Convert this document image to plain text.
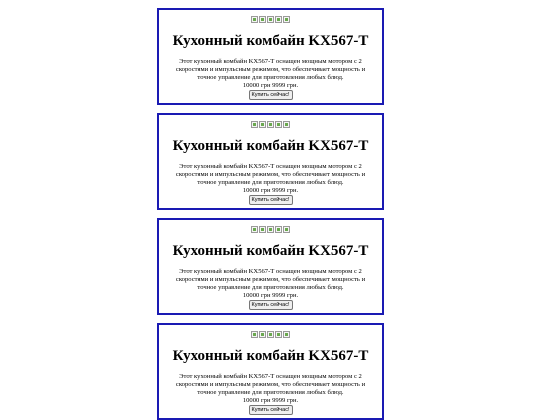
Кухонный комбайн KX567-T
Этот кухонный комбайн KX567-T оснащен мощным мотором с 2 скоростями и импульсным режимом, что обеспечивает мощность и точное управление для приготовления любых блюд.
10000 грн 9999 грн.
Купить сейчас!
Кухонный комбайн KX567-T
Этот кухонный комбайн KX567-T оснащен мощным мотором с 2 скоростями и импульсным режимом, что обеспечивает мощность и точное управление для приготовления любых блюд.
10000 грн 9999 грн.
Купить сейчас!
Кухонный комбайн KX567-T
Этот кухонный комбайн KX567-T оснащен мощным мотором с 2 скоростями и импульсным режимом, что обеспечивает мощность и точное управление для приготовления любых блюд.
10000 грн 9999 грн.
Купить сейчас!
Кухонный комбайн KX567-T
Этот кухонный комбайн KX567-T оснащен мощным мотором с 2 скоростями и импульсным режимом, что обеспечивает мощность и точное управление для приготовления любых блюд.
10000 грн 9999 грн.
Купить сейчас!
